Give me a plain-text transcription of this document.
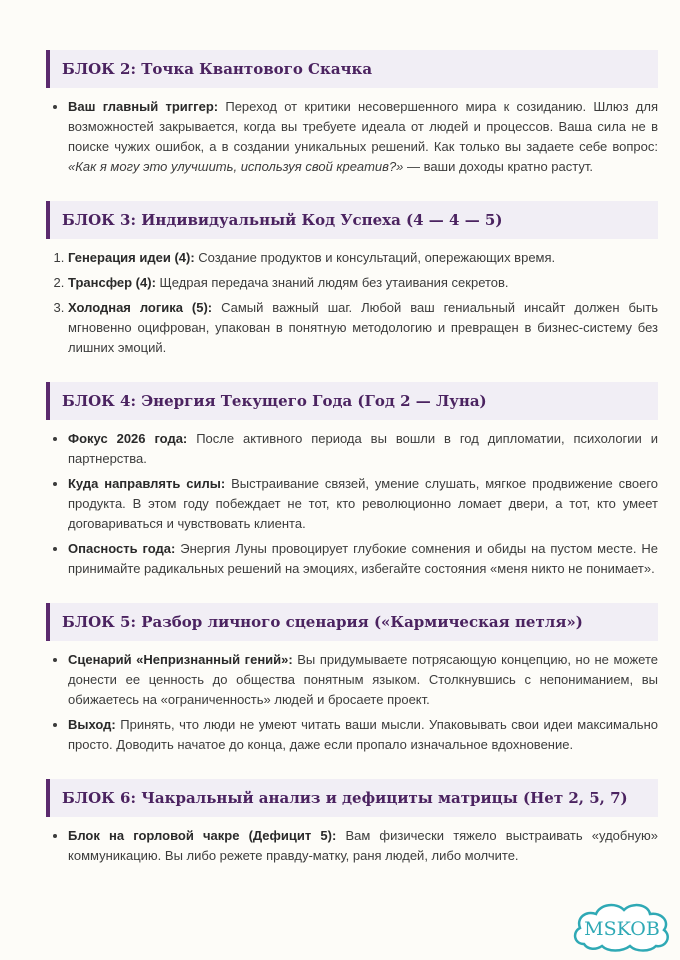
БЛОК 2: Точка Квантового Скачка
• Ваш главный триггер: Переход от критики несовершенного мира к созиданию. Шлюз для возможностей закрывается, когда вы требуете идеала от людей и процессов. Ваша сила не в поиске чужих ошибок, а в создании уникальных решений. Как только вы задаете себе вопрос: «Как я могу это улучшить, используя свой креатив?» — ваши доходы кратно растут.
БЛОК 3: Индивидуальный Код Успеха (4 — 4 — 5)
1. Генерация идеи (4): Создание продуктов и консультаций, опережающих время.
2. Трансфер (4): Щедрая передача знаний людям без утаивания секретов.
3. Холодная логика (5): Самый важный шаг. Любой ваш гениальный инсайт должен быть мгновенно оцифрован, упакован в понятную методологию и превращен в бизнес-систему без лишних эмоций.
БЛОК 4: Энергия Текущего Года (Год 2 — Луна)
• Фокус 2026 года: После активного периода вы вошли в год дипломатии, психологии и партнерства.
• Куда направлять силы: Выстраивание связей, умение слушать, мягкое продвижение своего продукта. В этом году побеждает не тот, кто революционно ломает двери, а тот, кто умеет договариваться и чувствовать клиента.
• Опасность года: Энергия Луны провоцирует глубокие сомнения и обиды на пустом месте. Не принимайте радикальных решений на эмоциях, избегайте состояния «меня никто не понимает».
БЛОК 5: Разбор личного сценария («Кармическая петля»)
• Сценарий «Непризнанный гений»: Вы придумываете потрясающую концепцию, но не можете донести ее ценность до общества понятным языком. Столкнувшись с непониманием, вы обижаетесь на «ограниченность» людей и бросаете проект.
• Выход: Принять, что люди не умеют читать ваши мысли. Упаковывать свои идеи максимально просто. Доводить начатое до конца, даже если пропало изначальное вдохновение.
БЛОК 6: Чакральный анализ и дефициты матрицы (Нет 2, 5, 7)
• Блок на горловой чакре (Дефицит 5): Вам физически тяжело выстраивать «удобную» коммуникацию. Вы либо режете правду-матку, раня людей, либо молчите.
MSKOB
